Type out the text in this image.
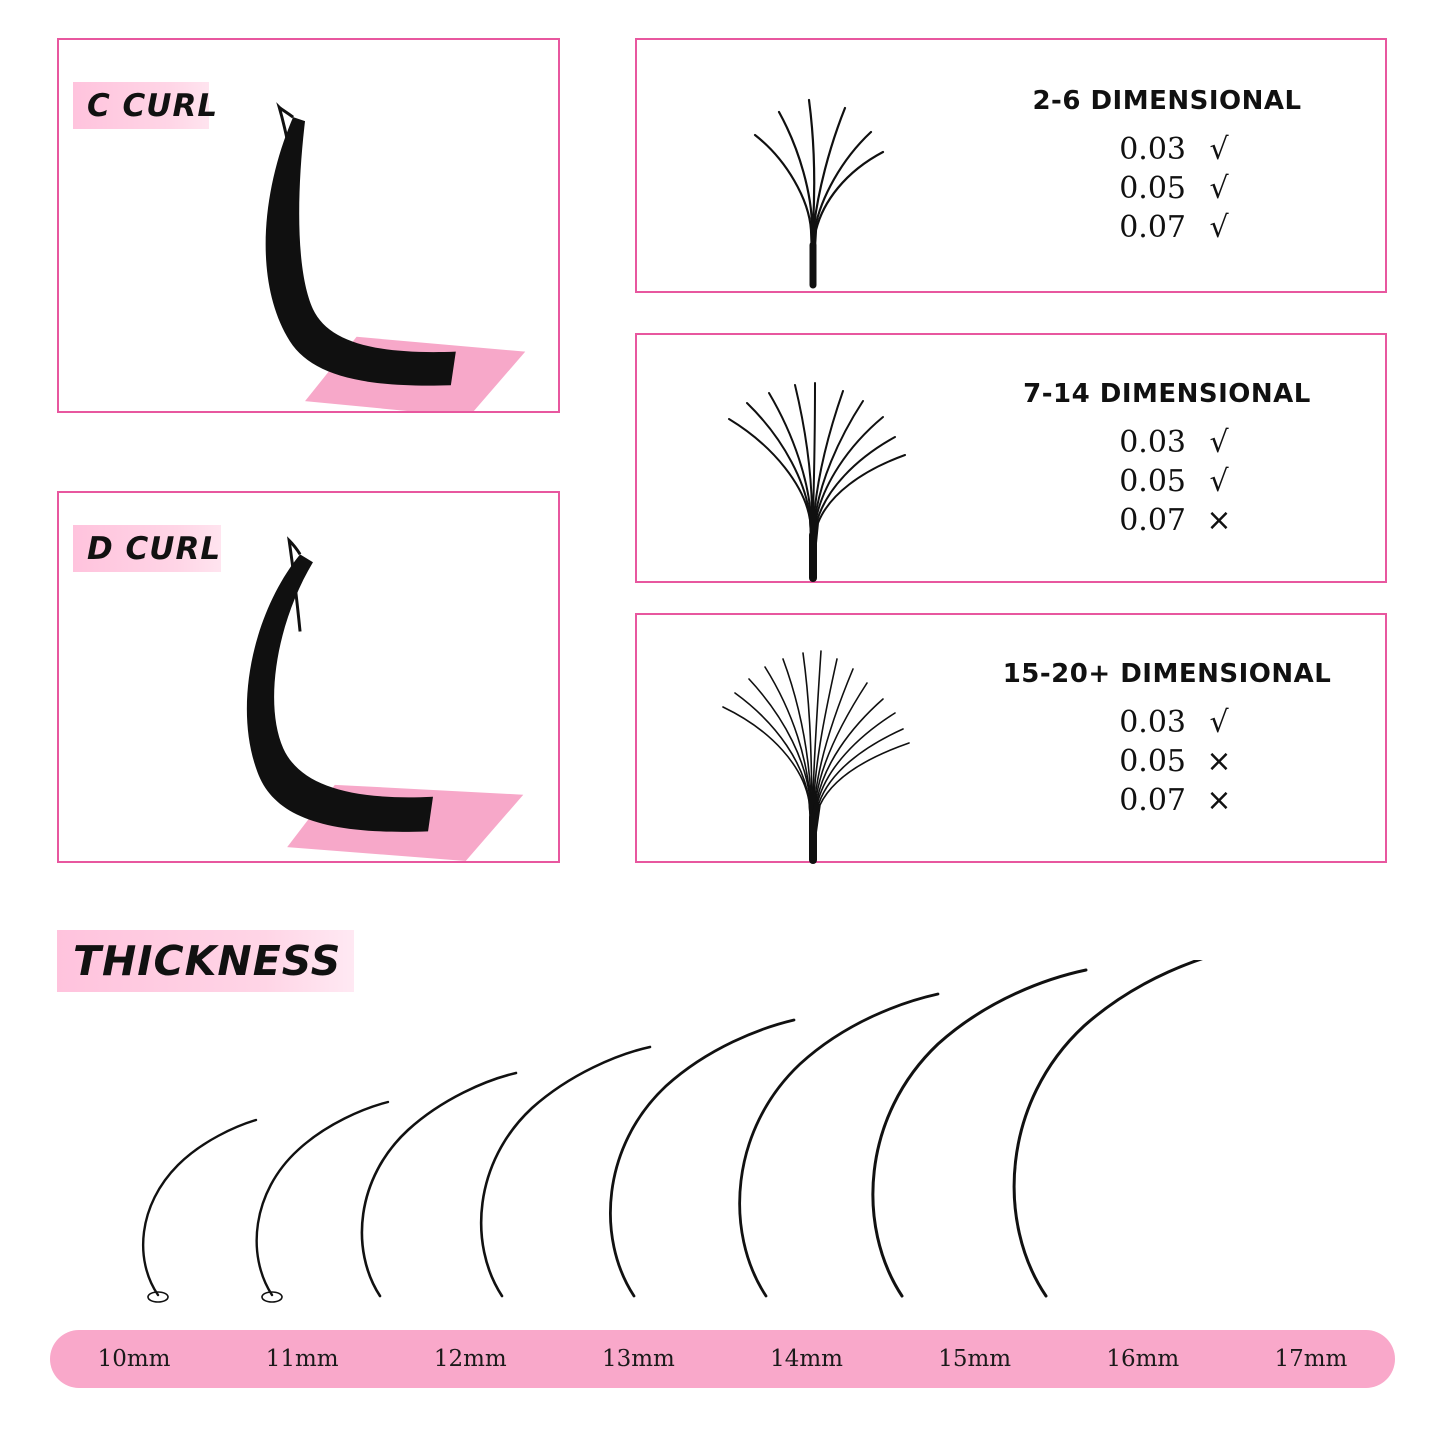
C CURL
D CURL
2-6 DIMENSIONAL
0.03 √
0.05 √
0.07 √
7-14 DIMENSIONAL
0.03 √
0.05 √
0.07 ×
15-20+ DIMENSIONAL
0.03 √
0.05 ×
0.07 ×
THICKNESS
10mm	11mm	12mm	13mm	14mm	15mm	16mm	17mm
